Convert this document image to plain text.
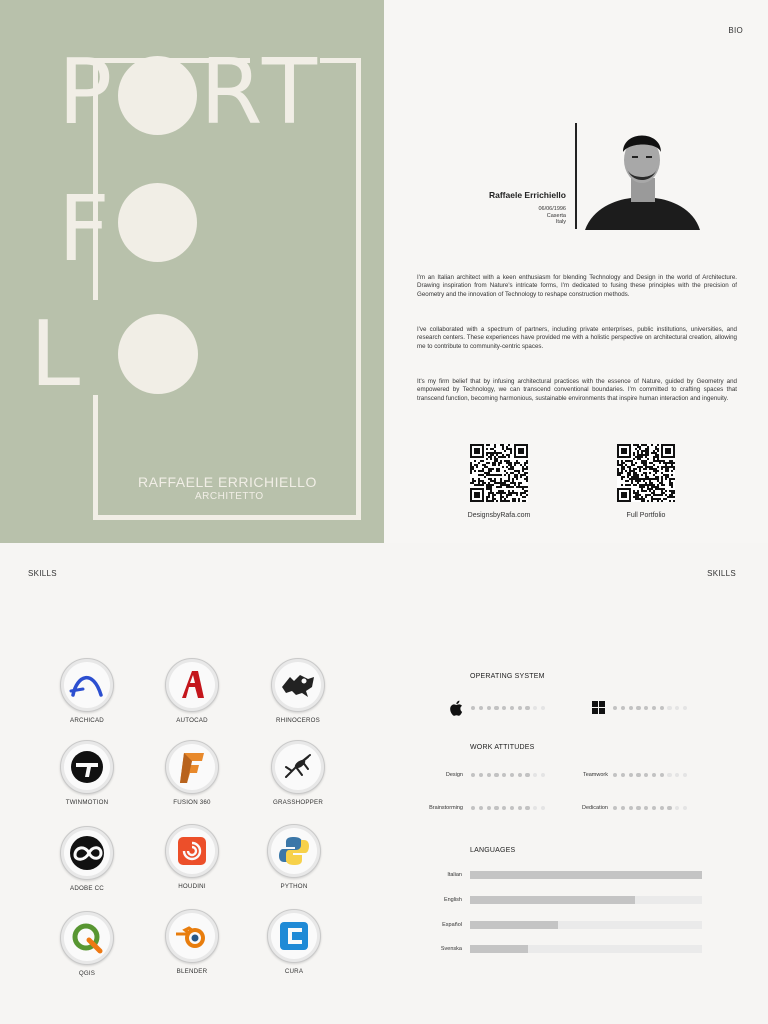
P R T
F
L
RAFFAELE ERRICHIELLO
ARCHITETTO
BIO
Raffaele Errichiello
06/06/1996
Caserta
Italy
I'm an Italian architect with a keen enthusiasm for blending Technology and Design in the world of Architecture. Drawing inspiration from Nature's intricate forms, I'm dedicated to fusing these principles with the precision of Geometry and the innovation of Technology to reshape construction methods.
I've collaborated with a spectrum of partners, including private enterprises, public institutions, universities, and research centers. These experiences have provided me with a holistic perspective on architectural creation, allowing me to contribute to community-centric spaces.
It's my firm belief that by infusing architectural practices with the essence of Nature, guided by Geometry and empowered by Technology, we can transcend conventional boundaries. I'm committed to crafting spaces that transcend function, becoming harmonious, sustainable environments that inspire human interaction and ingenuity.
DesignsbyRafa.com	Full Portfolio
SKILLS
ARCHICAD	AUTOCAD	RHINOCEROS
TWINMOTION	FUSION 360	GRASSHOPPER
ADOBE CC	HOUDINI	PYTHON
QGIS	BLENDER	CURA
SKILLS
OPERATING SYSTEM
WORK ATTITUDES
Design	Teamwork
Brainstorming	Dedication
LANGUAGES
Italian
English
Español
Svenska
